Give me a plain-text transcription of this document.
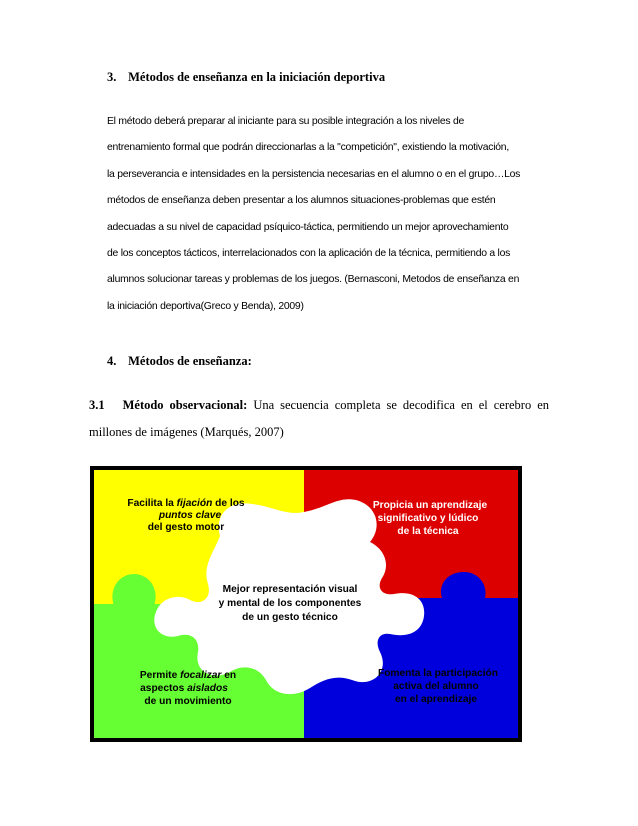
3. Métodos de enseñanza en la iniciación deportiva
El método deberá preparar al iniciante para su posible integración a los niveles de
entrenamiento formal que podrán direccionarlas a la "competición", existiendo la motivación,
la perseverancia e intensidades en la persistencia necesarias en el alumno o en el grupo…Los
métodos de enseñanza deben presentar a los alumnos situaciones-problemas que estén
adecuadas a su nivel de capacidad psíquico-táctica, permitiendo un mejor aprovechamiento
de los conceptos tácticos, interrelacionados con la aplicación de la técnica, permitiendo a los
alumnos solucionar tareas y problemas de los juegos. (Bernasconi, Metodos de enseñanza en
la iniciación deportiva(Greco y Benda), 2009)
4. Métodos de enseñanza:
3.1 Método observacional: Una secuencia completa se decodifica en el cerebro en
millones de imágenes (Marqués, 2007)
Facilita la fijación de los
puntos clave
del gesto motor
Propicia un aprendizaje
significativo y lúdico
de la técnica
Mejor representación visual
y mental de los componentes
de un gesto técnico
Permite focalizar en
aspectos aislados
de un movimiento
Fomenta la participación
activa del alumno
en el aprendizaje
